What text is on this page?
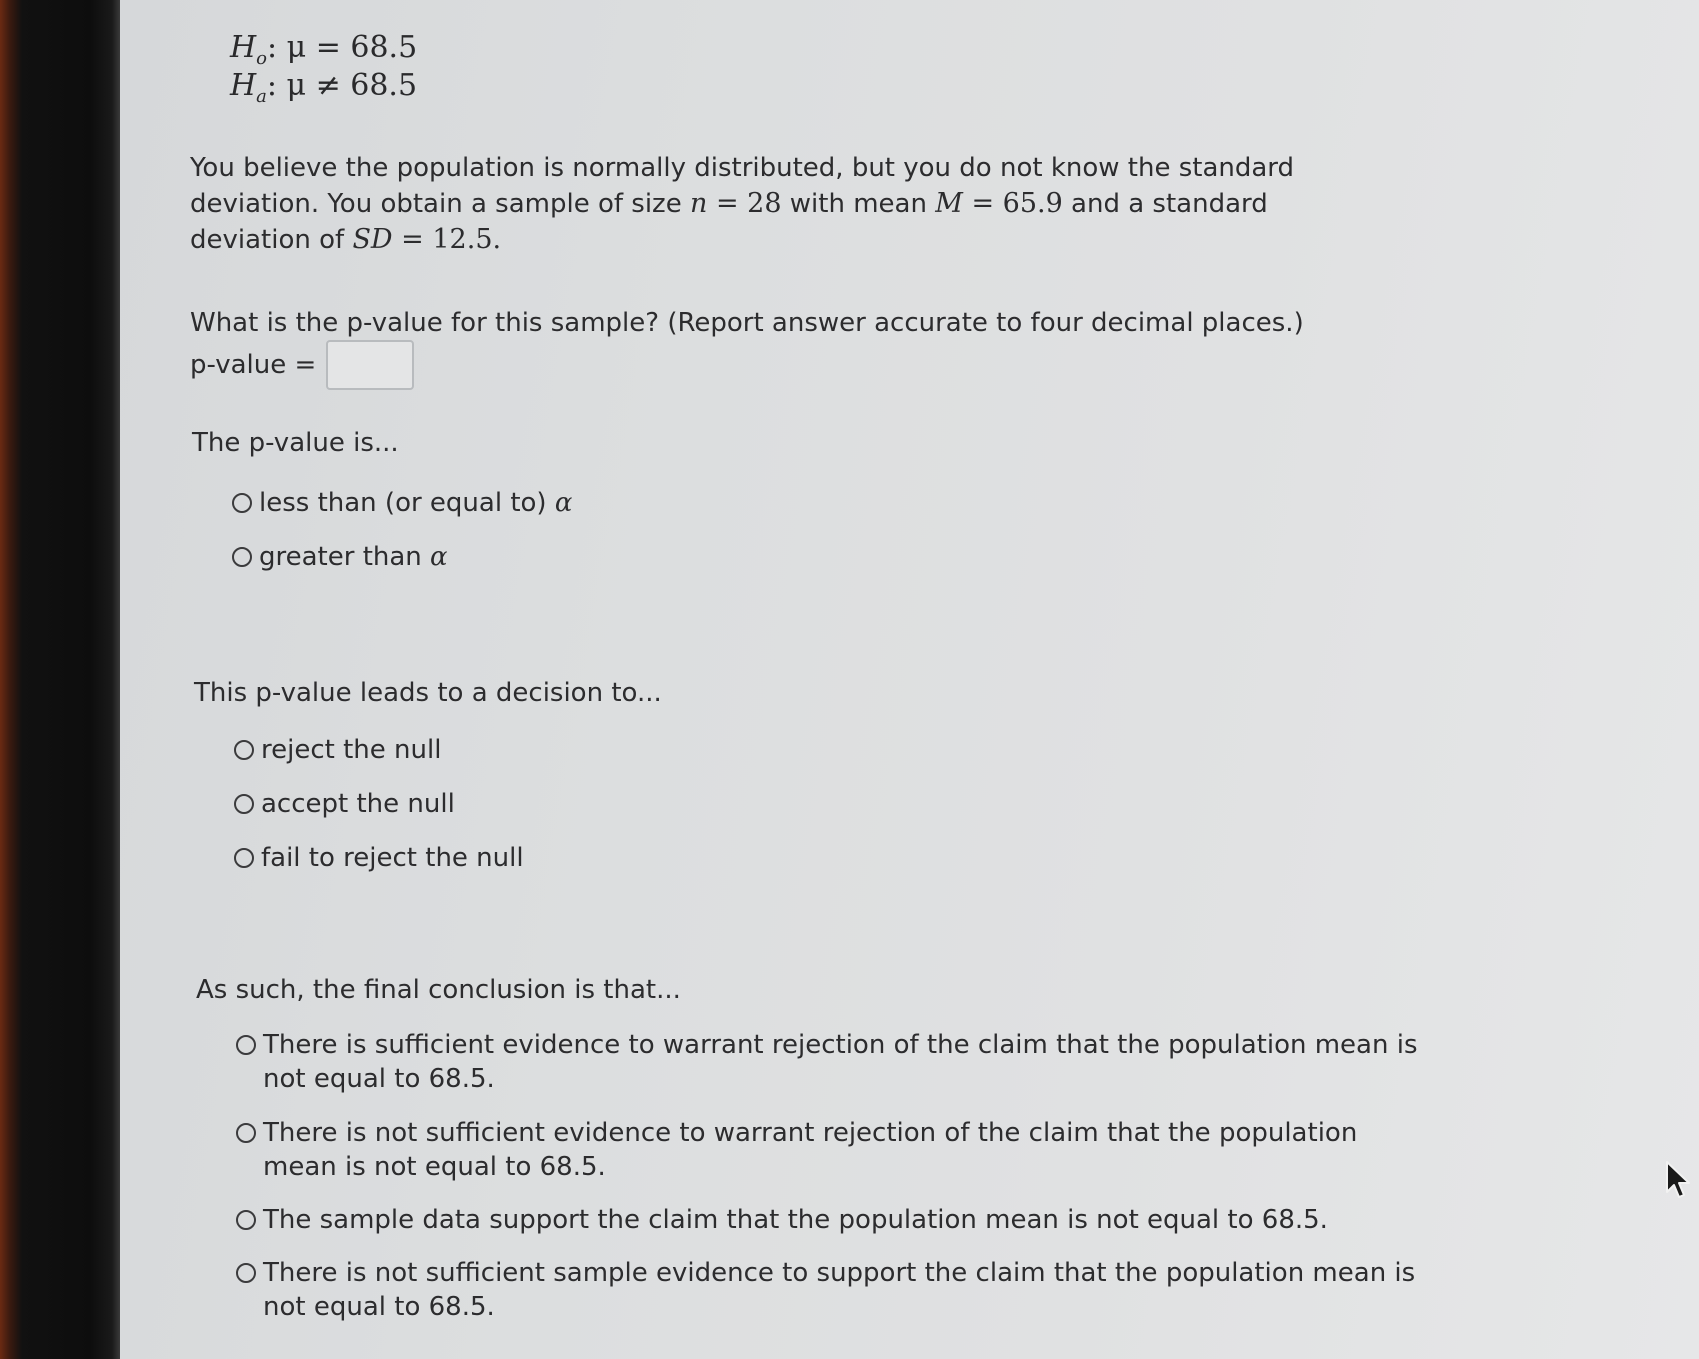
$H_o$: μ = 68.5
$H_a$: μ ≠ 68.5
You believe the population is normally distributed, but you do not know the standard
deviation. You obtain a sample of size n = 28 with mean M = 65.9 and a standard
deviation of SD = 12.5.
What is the p-value for this sample? (Report answer accurate to four decimal places.)
p-value =
The p-value is...
less than (or equal to) α
greater than α
This p-value leads to a decision to...
reject the null
accept the null
fail to reject the null
As such, the final conclusion is that...
There is sufficient evidence to warrant rejection of the claim that the population mean is
not equal to 68.5.
There is not sufficient evidence to warrant rejection of the claim that the population
mean is not equal to 68.5.
The sample data support the claim that the population mean is not equal to 68.5.
There is not sufficient sample evidence to support the claim that the population mean is
not equal to 68.5.
